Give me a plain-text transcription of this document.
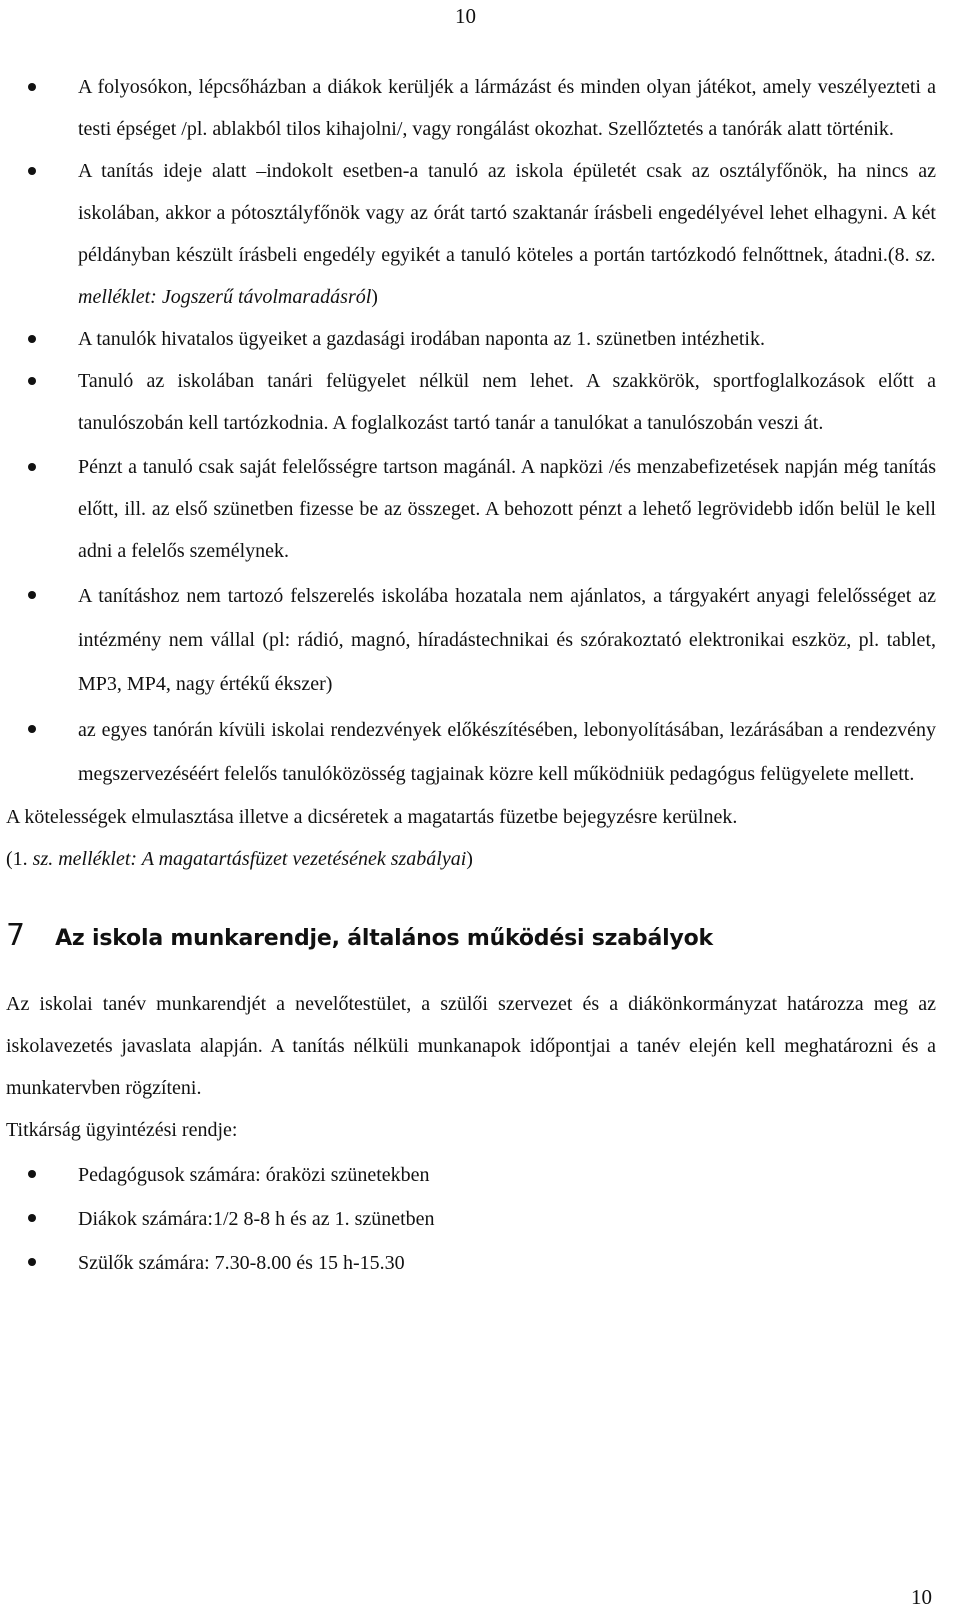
10
A folyosókon, lépcsőházban a diákok kerüljék a lármázást és minden olyan játékot, amely veszélyezteti a testi épséget /pl. ablakból tilos kihajolni/, vagy rongálást okozhat. Szellőztetés a tanórák alatt történik.
A tanítás ideje alatt –indokolt esetben-a tanuló az iskola épületét csak az osztályfőnök, ha nincs az iskolában, akkor a pótosztályfőnök vagy az órát tartó szaktanár írásbeli engedélyével lehet elhagyni. A két példányban készült írásbeli engedély egyikét a tanuló köteles a portán tartózkodó felnőttnek, átadni.(8. sz. melléklet: Jogszerű távolmaradásról)
A tanulók hivatalos ügyeiket a gazdasági irodában naponta az 1. szünetben intézhetik.
Tanuló az iskolában tanári felügyelet nélkül nem lehet. A szakkörök, sportfoglalkozások előtt a tanulószobán kell tartózkodnia. A foglalkozást tartó tanár a tanulókat a tanulószobán veszi át.
Pénzt a tanuló csak saját felelősségre tartson magánál. A napközi /és menzabefizetések napján még tanítás előtt, ill. az első szünetben fizesse be az összeget. A behozott pénzt a lehető legrövidebb időn belül le kell adni a felelős személynek.
A tanításhoz nem tartozó felszerelés iskolába hozatala nem ajánlatos, a tárgyakért anyagi felelősséget az intézmény nem vállal (pl: rádió, magnó, híradástechnikai és szórakoztató elektronikai eszköz, pl. tablet, MP3, MP4, nagy értékű ékszer)
az egyes tanórán kívüli iskolai rendezvények előkészítésében, lebonyolításában, lezárásában a rendezvény megszervezéséért felelős tanulóközösség tagjainak közre kell működniük pedagógus felügyelete mellett.
A kötelességek elmulasztása illetve a dicséretek a magatartás füzetbe bejegyzésre kerülnek.
(1. sz. melléklet: A magatartásfüzet vezetésének szabályai)
7 Az iskola munkarendje, általános működési szabályok
Az iskolai tanév munkarendjét a nevelőtestület, a szülői szervezet és a diákönkormányzat határozza meg az iskolavezetés javaslata alapján. A tanítás nélküli munkanapok időpontjai a tanév elején kell meghatározni és a munkatervben rögzíteni.
Titkárság ügyintézési rendje:
Pedagógusok számára: óraközi szünetekben
Diákok számára:1/2 8-8 h és az 1. szünetben
Szülők számára: 7.30-8.00 és 15 h-15.30
10
